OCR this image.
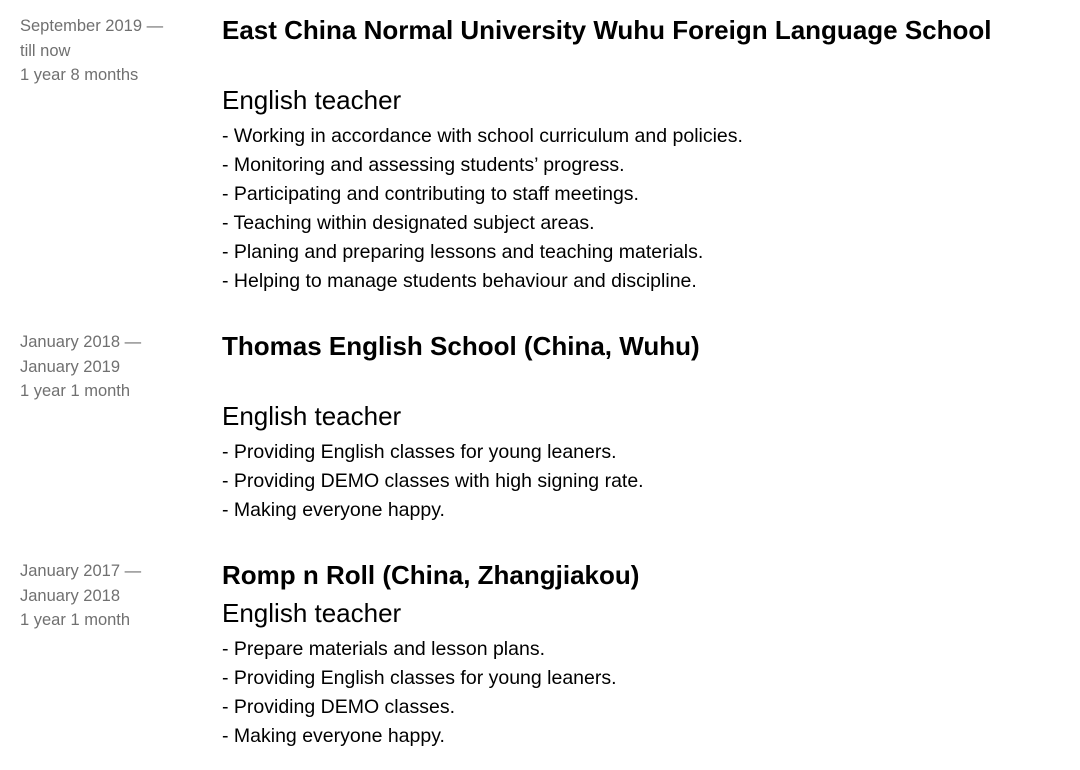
September 2019 —
till now
1 year 8 months
East China Normal University Wuhu Foreign Language School
English teacher
- Working in accordance with school curriculum and policies.
- Monitoring and assessing students’ progress.
- Participating and contributing to staff meetings.
- Teaching within designated subject areas.
- Planing and preparing lessons and teaching materials.
- Helping to manage students behaviour and discipline.
January 2018 —
January 2019
1 year 1 month
Thomas English School (China, Wuhu)
English teacher
- Providing English classes for young leaners.
- Providing DEMO classes with high signing rate.
- Making everyone happy.
January 2017 —
January 2018
1 year 1 month
Romp n Roll (China, Zhangjiakou)
English teacher
- Prepare materials and lesson plans.
- Providing English classes for young leaners.
- Providing DEMO classes.
- Making everyone happy.
